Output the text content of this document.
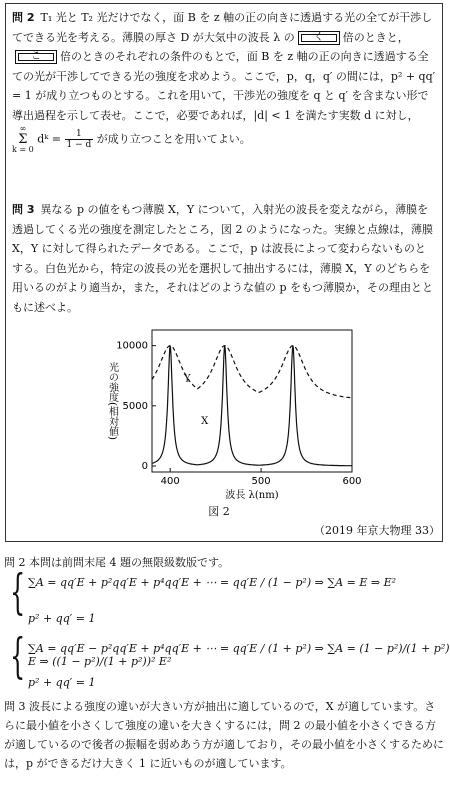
問 2 T₁ 光と T₂ 光だけでなく，面 B を z 軸の正の向きに透過する光の全てが干渉してできる光を考える。薄膜の厚さ D が大気中の波長 λ の く 倍のときと，こ 倍のときのそれぞれの条件のもとで，面 B を z 軸の正の向きに透過する全ての光が干渉してできる光の強度を求めよう。ここで，p，q，q′ の間には，p² + qq′ = 1 が成り立つものとする。これを用いて，干渉光の強度を q と q′ を含まない形で導出過程を示して表せ。ここで，必要であれば，|d| < 1 を満たす実数 d に対し，∞
Σ
k = 0 dᵏ = $\frac{1}{1 - d}$ が成り立つことを用いてよい。
問 3 異なる p の値をもつ薄膜 X，Y について，入射光の波長を変えながら，薄膜を透過してくる光の強度を測定したところ，図 2 のようになった。実線と点線は，薄膜 X，Y に対して得られたデータである。ここで，p は波長によって変わらないものとする。白色光から，特定の波長の光を選択して抽出するには，薄膜 X，Y のどちらを用いるのがより適当か，また，それはどのような値の p をもつ薄膜か，その理由とともに述べよ。
400	500	600
0
5000
10000
波長 λ(nm)
光の強度(相対値)	X
Y
図 2
（2019 年京大物理 33）
問 2 本問は前問末尾 4 題の無限級数版です。
{ ∑A = qq′E + p²qq′E + p⁴qq′E + ⋯ = qq′E / (1 − p²) ⇒ ∑A = E ⇒ E²
p² + qq′ = 1
{ ∑A = qq′E − p²qq′E + p⁴qq′E + ⋯ = qq′E / (1 + p²) ⇒ ∑A = (1 − p²)/(1 + p²) E ⇒ ((1 − p²)/(1 + p²))² E²
p² + qq′ = 1
問 3 波長による強度の違いが大きい方が抽出に適しているので，X が適しています。さらに最小値を小さくして強度の違いを大きくするには，問 2 の最小値を小さくできる方が適しているので後者の振幅を弱めあう方が適しており，その最小値を小さくするためには，p ができるだけ大きく 1 に近いものが適しています。
